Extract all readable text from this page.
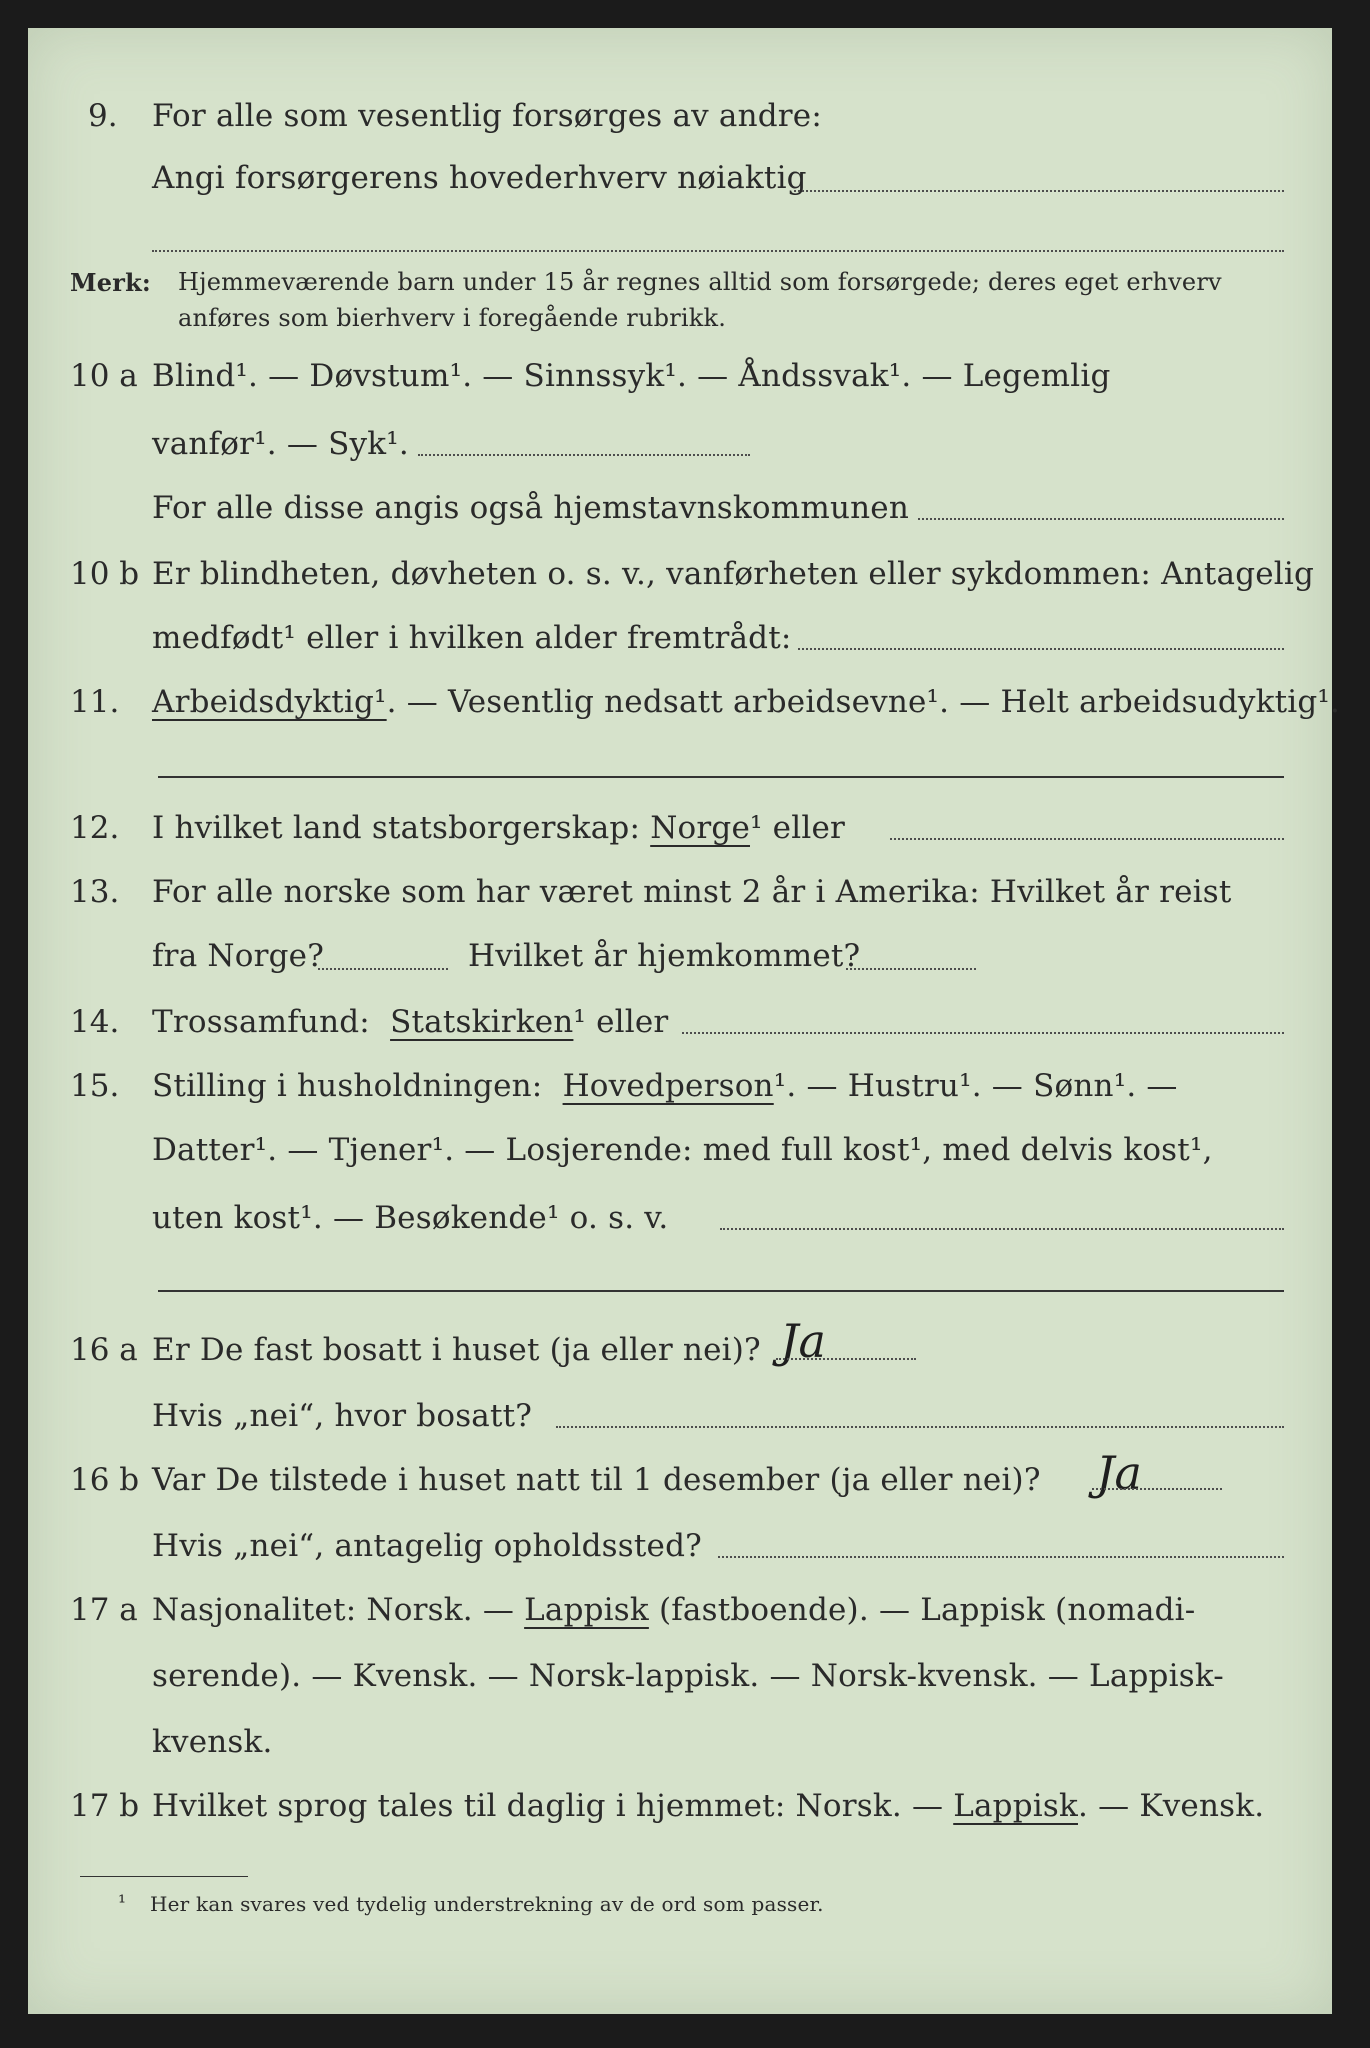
9. For alle som vesentlig forsørges av andre:
Angi forsørgerens hovederhverv nøiaktig
Merk: Hjemmeværende barn under 15 år regnes alltid som forsørgede; deres eget erhverv
anføres som bierhverv i foregående rubrikk.
10 a Blind¹. — Døvstum¹. — Sinnssyk¹. — Åndssvak¹. — Legemlig
vanfør¹. — Syk¹.
For alle disse angis også hjemstavnskommunen
10 b Er blindheten, døvheten o. s. v., vanførheten eller sykdommen: Antagelig
medfødt¹ eller i hvilken alder fremtrådt:
11. Arbeidsdyktig¹. — Vesentlig nedsatt arbeidsevne¹. — Helt arbeidsudyktig¹.
12. I hvilket land statsborgerskap: Norge¹ eller
13. For alle norske som har været minst 2 år i Amerika: Hvilket år reist
fra Norge?	Hvilket år hjemkommet?
14. Trossamfund: Statskirken¹ eller
15. Stilling i husholdningen: Hovedperson¹. — Hustru¹. — Sønn¹. —
Datter¹. — Tjener¹. — Losjerende: med full kost¹, med delvis kost¹,
uten kost¹. — Besøkende¹ o. s. v.
16 a Er De fast bosatt i huset (ja eller nei)? Ja
Hvis „nei“, hvor bosatt?
16 b Var De tilstede i huset natt til 1 desember (ja eller nei)? Ja
Hvis „nei“, antagelig opholdssted?
17 a Nasjonalitet: Norsk. — Lappisk (fastboende). — Lappisk (nomadi-
serende). — Kvensk. — Norsk-lappisk. — Norsk-kvensk. — Lappisk-
kvensk.
17 b Hvilket sprog tales til daglig i hjemmet: Norsk. — Lappisk. — Kvensk.
¹ Her kan svares ved tydelig understrekning av de ord som passer.
